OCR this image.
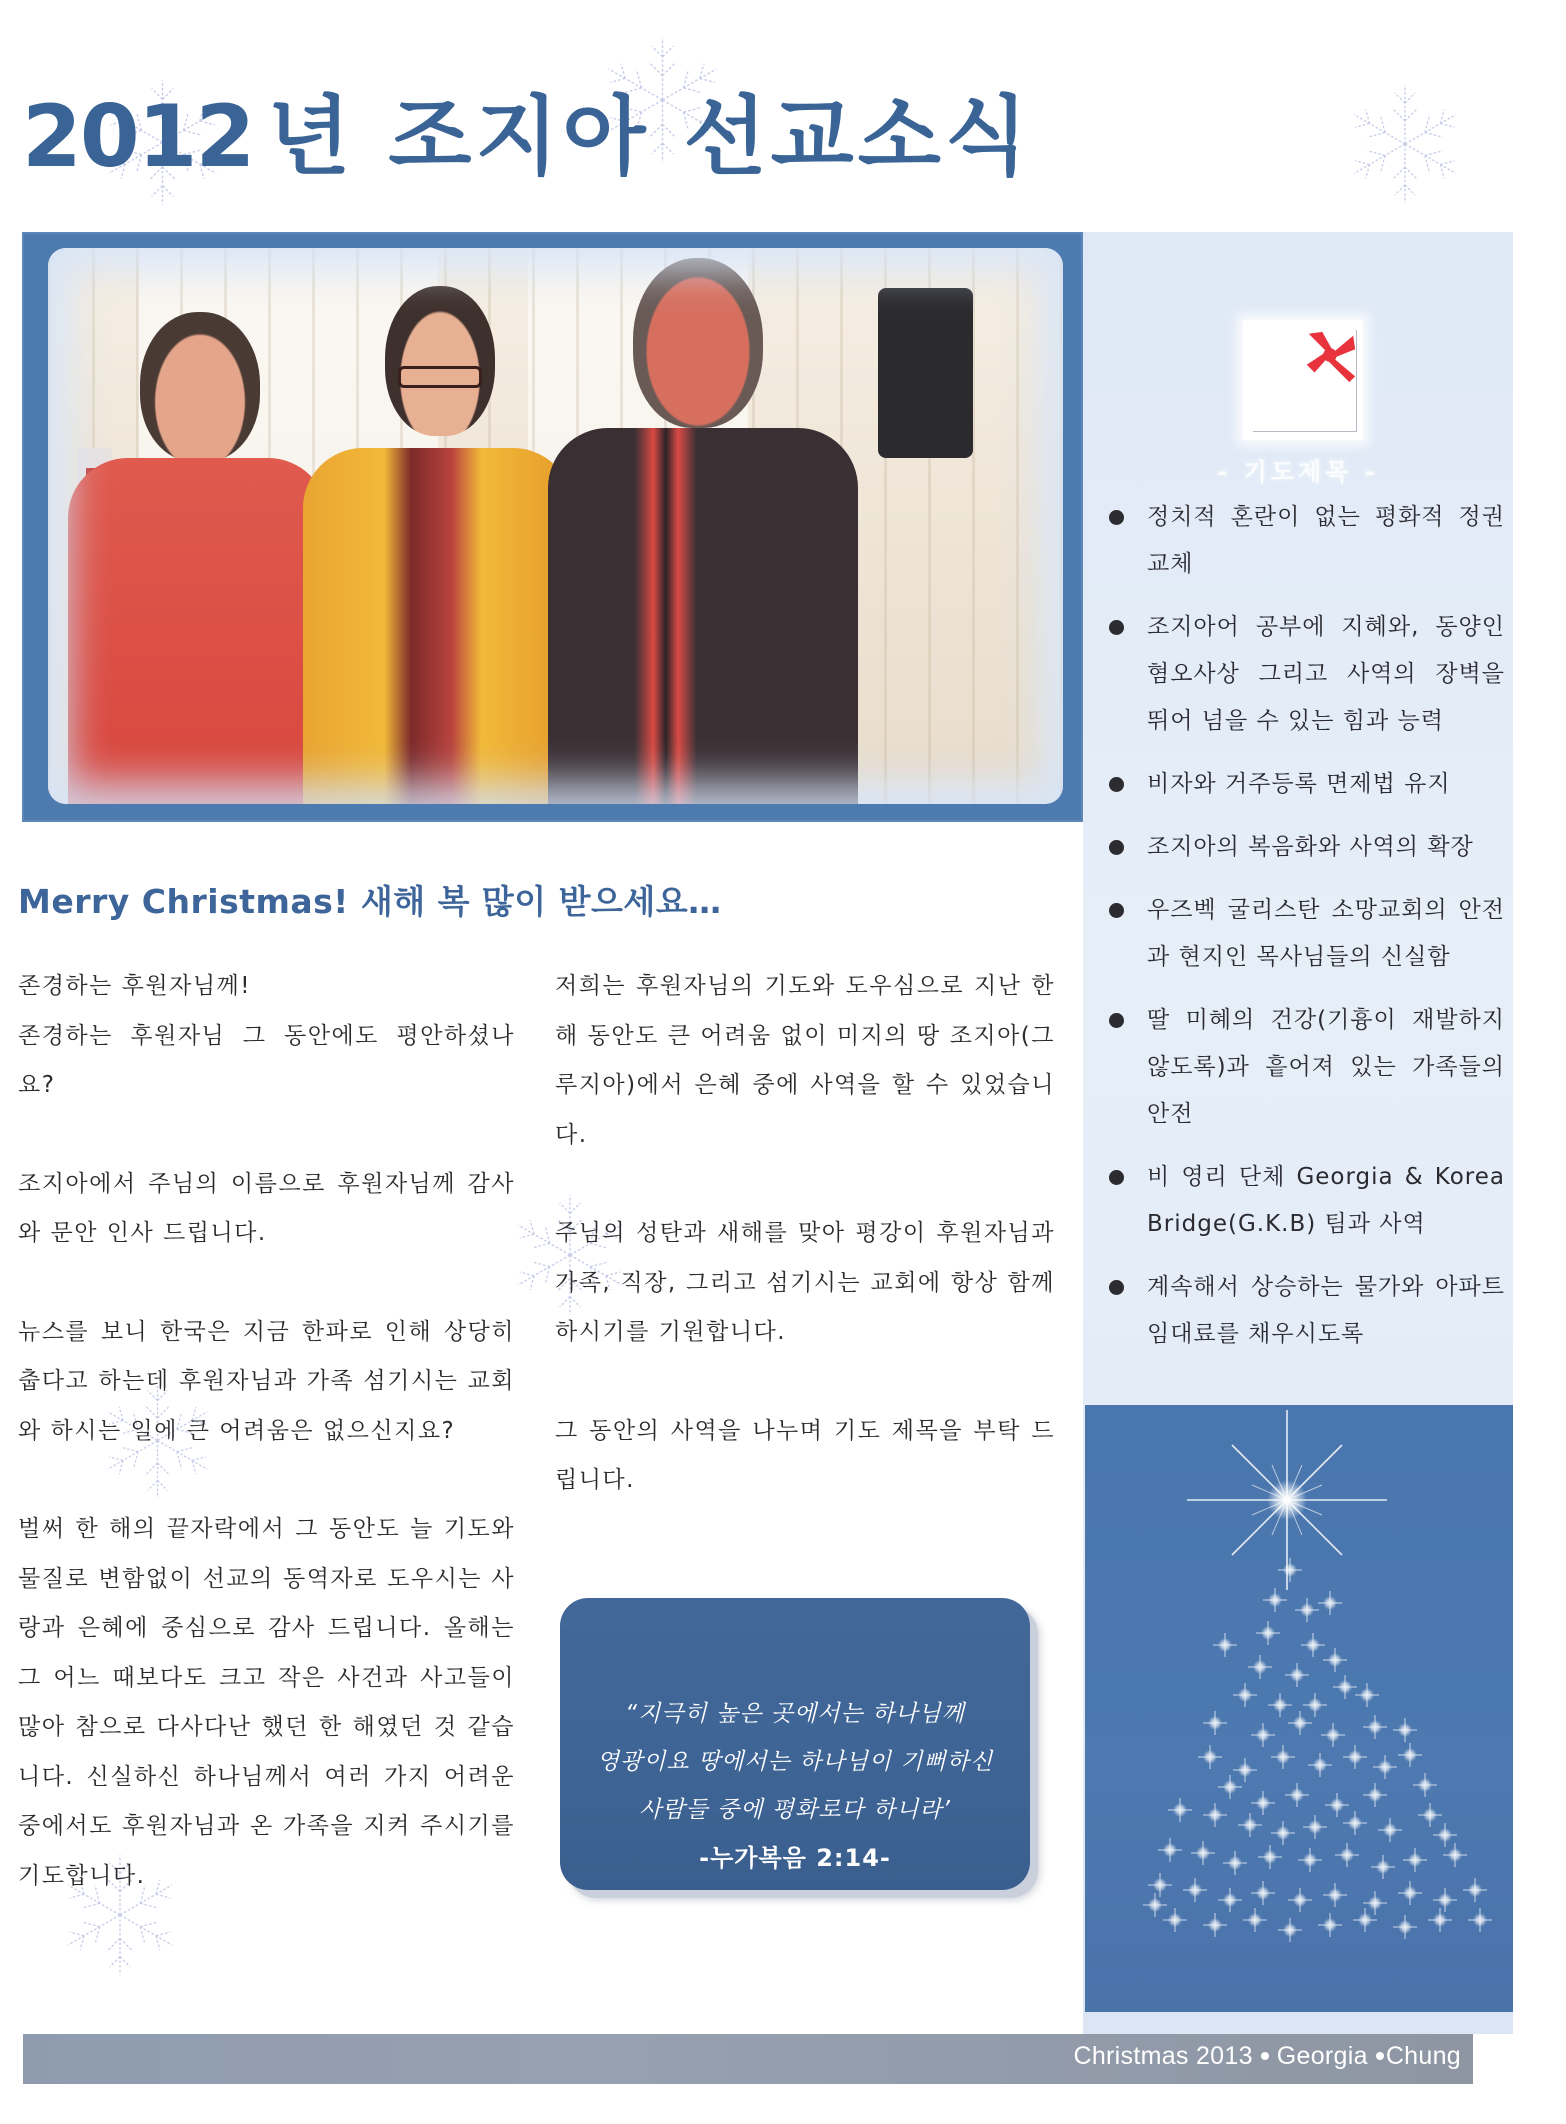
2012 년 조지아 선교소식
- 기도제목 -
정치적 혼란이 없는 평화적 정권교체
조지아어 공부에 지혜와, 동양인 혐오사상 그리고 사역의 장벽을 뛰어 넘을 수 있는 힘과 능력
비자와 거주등록 면제법 유지
조지아의 복음화와 사역의 확장
우즈벡 굴리스탄 소망교회의 안전과 현지인 목사님들의 신실함
딸 미혜의 건강(기흉이 재발하지 않도록)과 흩어져 있는 가족들의 안전
비 영리 단체 Georgia & Korea Bridge(G.K.B) 팀과 사역
계속해서 상승하는 물가와 아파트 임대료를 채우시도록
Merry Christmas! 새해 복 많이 받으세요…

존경하는 후원자님께!

존경하는 후원자님 그 동안에도 평안하셨나요?

조지아에서 주님의 이름으로 후원자님께 감사와 문안 인사 드립니다.

뉴스를 보니 한국은 지금 한파로 인해 상당히 춥다고 하는데 후원자님과 가족 섬기시는 교회와 하시는 일에 큰 어려움은 없으신지요?

벌써 한 해의 끝자락에서 그 동안도 늘 기도와 물질로 변함없이 선교의 동역자로 도우시는 사랑과 은혜에 중심으로 감사 드립니다. 올해는 그 어느 때보다도 크고 작은 사건과 사고들이 많아 참으로 다사다난 했던 한 해였던 것 같습니다. 신실하신 하나님께서 여러 가지 어려운 중에서도 후원자님과 온 가족을 지켜 주시기를 기도합니다.

저희는 후원자님의 기도와 도우심으로 지난 한 해 동안도 큰 어려움 없이 미지의 땅 조지아(그루지아)에서 은혜 중에 사역을 할 수 있었습니다.

주님의 성탄과 새해를 맞아 평강이 후원자님과 가족, 직장, 그리고 섬기시는 교회에 항상 함께 하시기를 기원합니다.

그 동안의 사역을 나누며 기도 제목을 부탁 드립니다.

“지극히 높은 곳에서는 하나님께
영광이요 땅에서는 하나님이 기뻐하신
사람들 중에 평화로다 하니라’
-누가복음 2:14-
Christmas 2013 Georgia Chung
